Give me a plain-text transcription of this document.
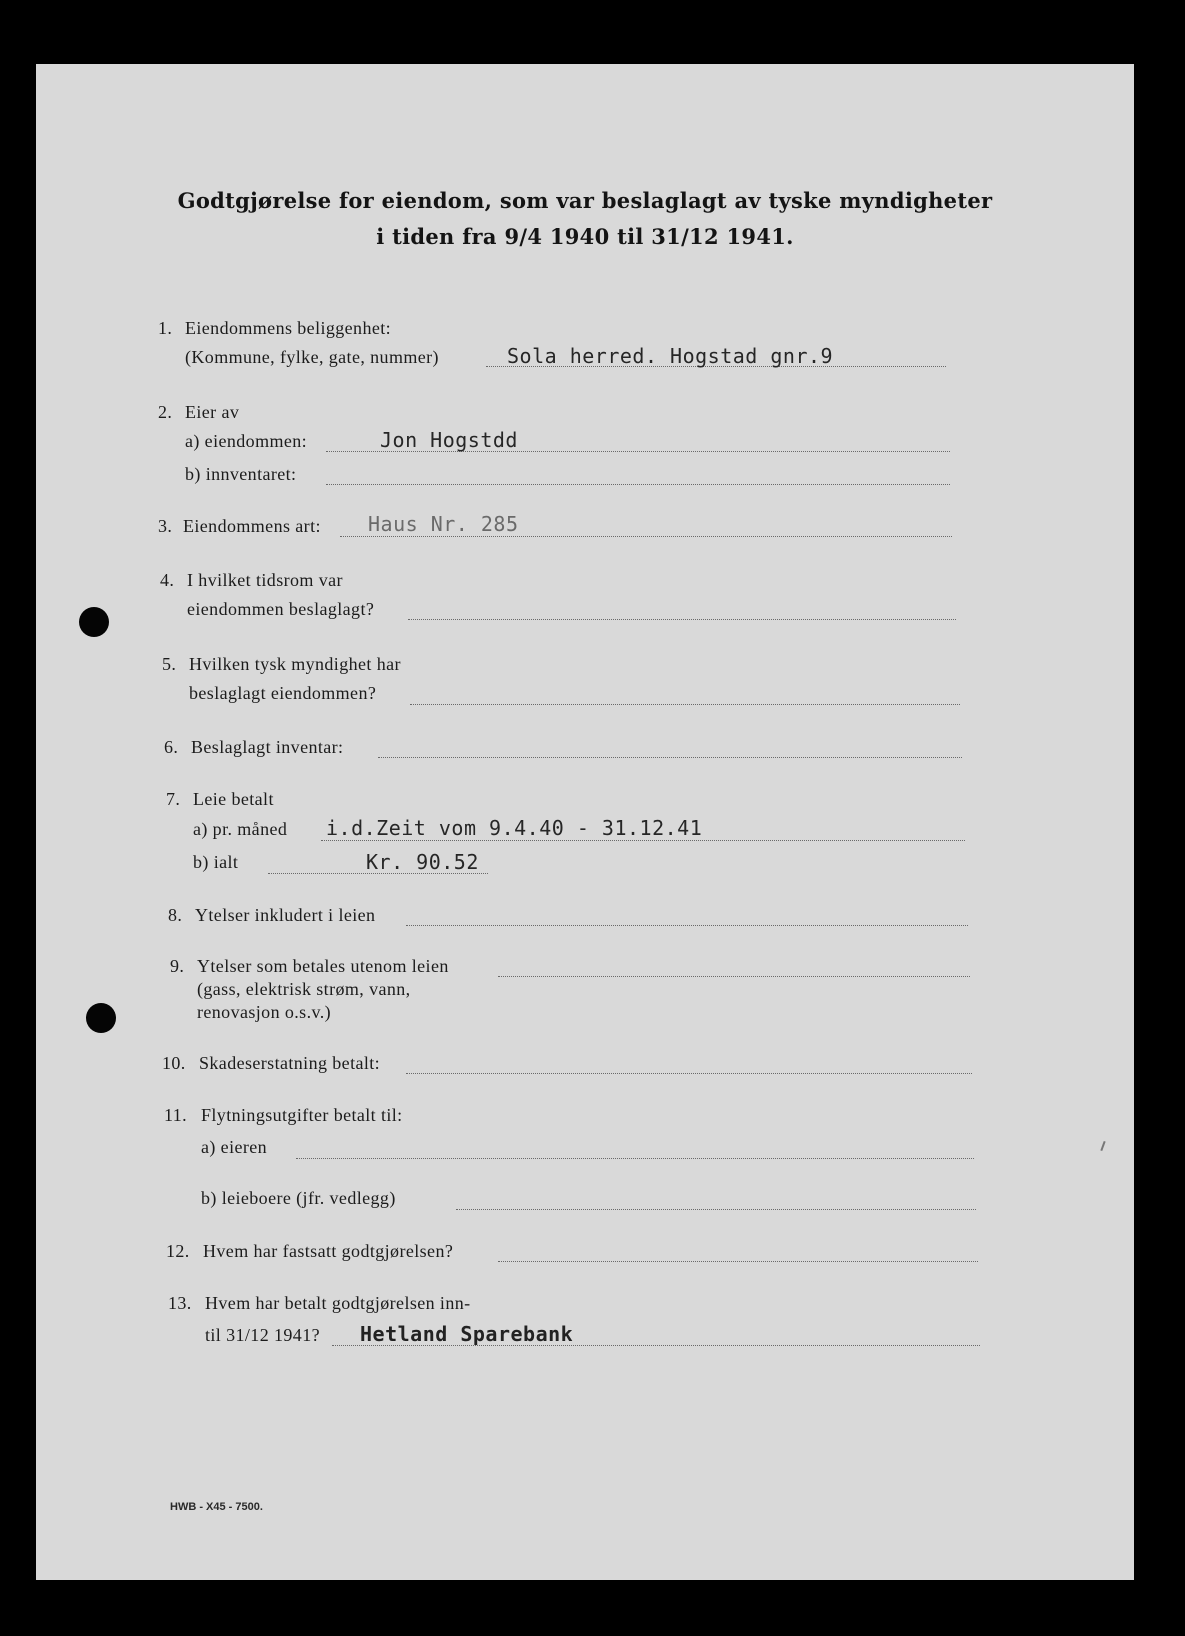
Godtgjørelse for eiendom, som var beslaglagt av tyske myndigheter
i tiden fra 9/4 1940 til 31/12 1941.
1. Eiendommens beliggenhet:
(Kommune, fylke, gate, nummer)	Sola herred. Hogstad gnr.9
2. Eier av
a) eiendommen:	Jon Hogstdd
b) innventaret:
3. Eiendommens art: Haus Nr. 285
4. I hvilket tidsrom var
eiendommen beslaglagt?
5. Hvilken tysk myndighet har
beslaglagt eiendommen?
6. Beslaglagt inventar:
7. Leie betalt
a) pr. måned i.d.Zeit vom 9.4.40 - 31.12.41
b) ialt	Kr. 90.52
8. Ytelser inkludert i leien
9. Ytelser som betales utenom leien
(gass, elektrisk strøm, vann,
renovasjon o.s.v.)
10. Skadeserstatning betalt:
11. Flytningsutgifter betalt til:
a) eieren
b) leieboere (jfr. vedlegg)
12. Hvem har fastsatt godtgjørelsen?
13. Hvem har betalt godtgjørelsen inn-
til 31/12 1941? Hetland Sparebank
HWB - X45 - 7500.
